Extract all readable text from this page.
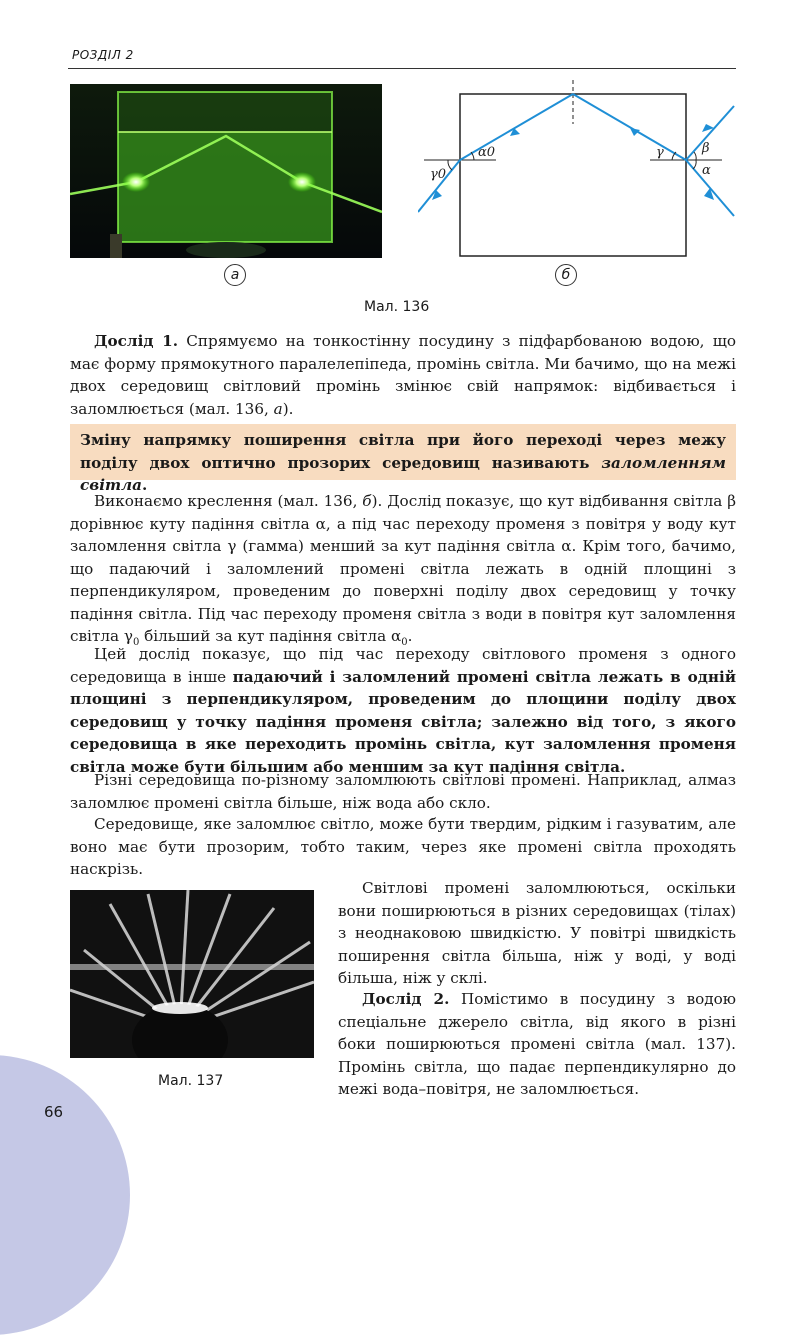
РОЗДІЛ 2
α0
γ0
γ	β
α
а	б
Мал. 136

Дослід 1. Спрямуємо на тонкостінну посудину з підфарбованою водою, що має форму прямокутного паралелепіпеда, промінь світла. Ми бачимо, що на межі двох середовищ світловий промінь змінює свій напрямок: відбивається і заломлюється (мал. 136, а).

Зміну напрямку поширення світла при його переході через межу поділу двох оптично прозорих середовищ називають заломленням світла.

Виконаємо креслення (мал. 136, б). Дослід показує, що кут відбивання світла β дорівнює куту падіння світла α, а під час переходу променя з повітря у воду кут заломлення світла γ (гамма) менший за кут падіння світла α. Крім того, бачимо, що падаючий і заломлений промені світла лежать в одній площині з перпендикуляром, проведеним до поверхні поділу двох середовищ у точку падіння світла. Під час переходу променя світла з води в повітря кут заломлення світла $\gamma_0$ більший за кут падіння світла $\alpha_0$.

Цей дослід показує, що під час переходу світлового променя з одного середовища в інше падаючий і заломлений промені світла лежать в одній площині з перпендикуляром, проведеним до площини поділу двох середовищ у точку падіння променя світла; залежно від того, з якого середовища в яке переходить промінь світла, кут заломлення променя світла може бути більшим або меншим за кут падіння світла.

Різні середовища по-різному заломлюють світлові промені. Наприклад, алмаз заломлює промені світла більше, ніж вода або скло.

Середовище, яке заломлює світло, може бути твердим, рідким і газуватим, але воно має бути прозорим, тобто таким, через яке промені світла проходять наскрізь.

Мал. 137

Світлові промені заломлюються, оскільки вони поширюються в різних середовищах (тілах) з неоднаковою швидкістю. У повітрі швидкість поширення світла більша, ніж у воді, у воді більша, ніж у склі.

Дослід 2. Помістимо в посудину з водою спеціальне джерело світла, від якого в різні боки поширюються промені світла (мал. 137). Промінь світла, що падає перпендикулярно до межі вода–повітря, не заломлюється.

66
